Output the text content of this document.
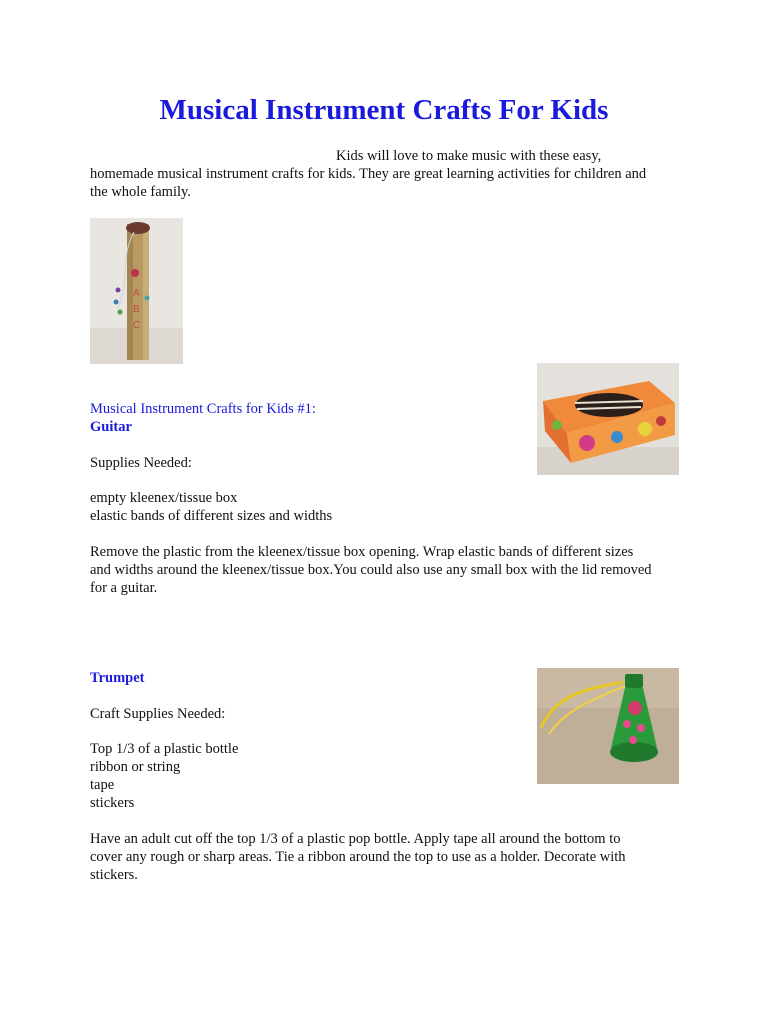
Musical Instrument Crafts For Kids
Kids will love to make music with these easy,
homemade musical instrument crafts for kids. They are great learning activities for children and
the whole family.
A
B
C
Musical Instrument Crafts for Kids #1:
Guitar
Supplies Needed:
empty kleenex/tissue box
elastic bands of different sizes and widths
Remove the plastic from the kleenex/tissue box opening. Wrap elastic bands of different sizes
and widths around the kleenex/tissue box.You could also use any small box with the lid removed
for a guitar.
Trumpet
Craft Supplies Needed:
Top 1/3 of a plastic bottle
ribbon or string
tape
stickers
Have an adult cut off the top 1/3 of a plastic pop bottle. Apply tape all around the bottom to
cover any rough or sharp areas. Tie a ribbon around the top to use as a holder. Decorate with
stickers.
